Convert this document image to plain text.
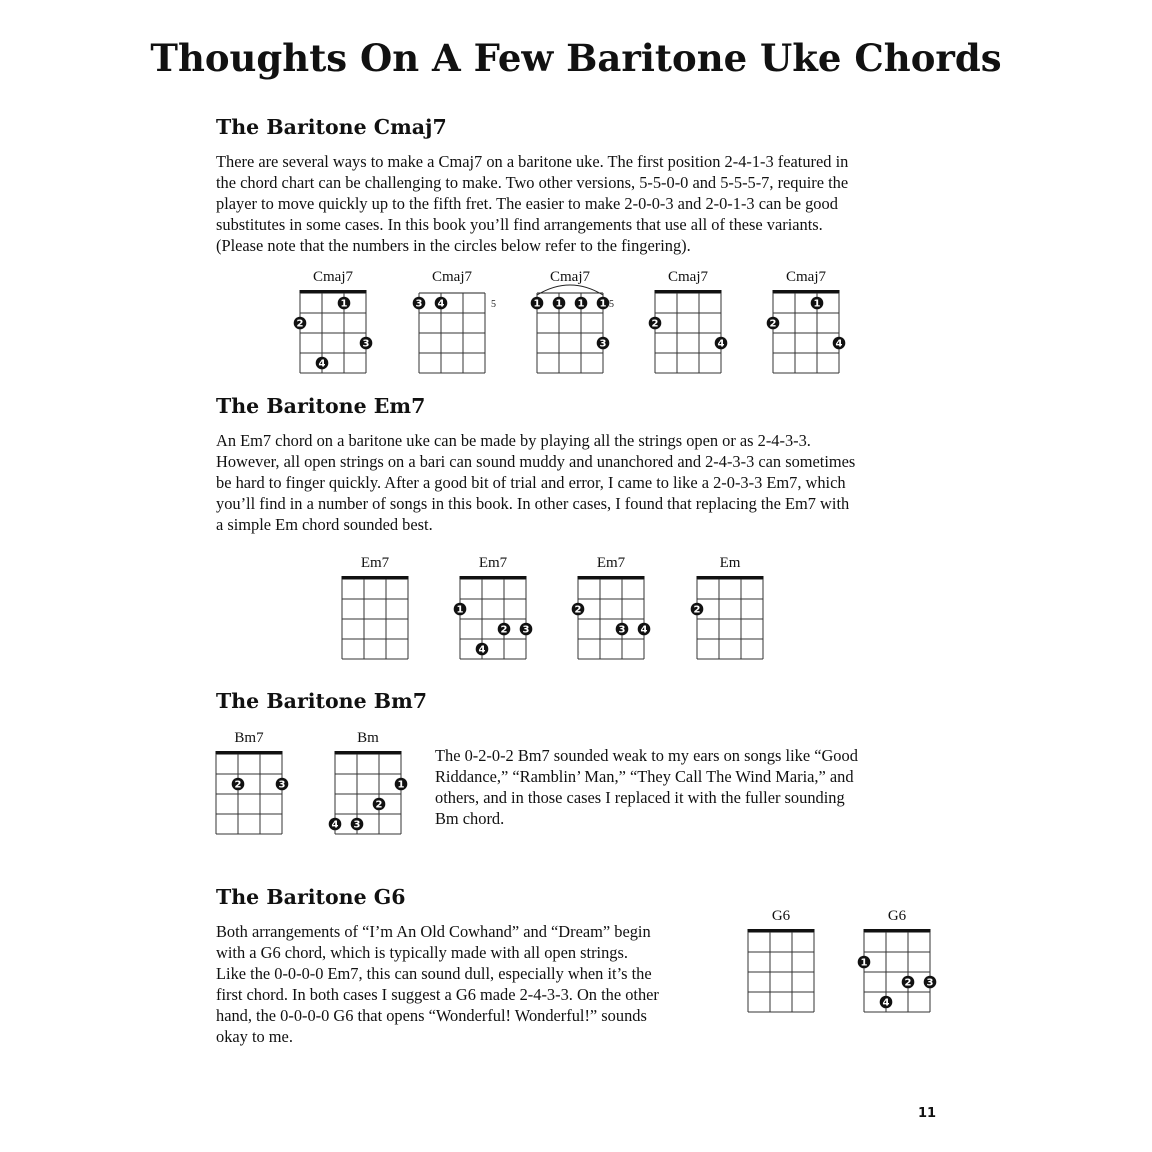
Thoughts On A Few Baritone Uke Chords
The Baritone Cmaj7
There are several ways to make a Cmaj7 on a baritone uke. The first position 2-4-1-3 featured in
the chord chart can be challenging to make. Two other versions, 5-5-0-0 and 5-5-5-7, require the
player to move quickly up to the fifth fret. The easier to make 2-0-0-3 and 2-0-1-3 can be good
substitutes in some cases. In this book you’ll find arrangements that use all of these variants.
(Please note that the numbers in the circles below refer to the fingering).
Cmaj7
2
4
1
3
Cmaj7
5
3 4
Cmaj7
5
1 1 1 1
3
Cmaj7
2
4
Cmaj7
2
1
4
The Baritone Em7
An Em7 chord on a baritone uke can be made by playing all the strings open or as 2-4-3-3.
However, all open strings on a bari can sound muddy and unanchored and 2-4-3-3 can sometimes
be hard to finger quickly. After a good bit of trial and error, I came to like a 2-0-3-3 Em7, which
you’ll find in a number of songs in this book. In other cases, I found that replacing the Em7 with
a simple Em chord sounded best.
Em7	Em7
1
4
2 3
Em7
2
3 4
Em
2
The Baritone Bm7
Bm7
2	3
Bm
4 3
2
1
The 0-2-0-2 Bm7 sounded weak to my ears on songs like “Good
Riddance,” “Ramblin’ Man,” “They Call The Wind Maria,” and
others, and in those cases I replaced it with the fuller sounding
Bm chord.
The Baritone G6
Both arrangements of “I’m An Old Cowhand” and “Dream” begin
with a G6 chord, which is typically made with all open strings.
Like the 0-0-0-0 Em7, this can sound dull, especially when it’s the
first chord. In both cases I suggest a G6 made 2-4-3-3. On the other
hand, the 0-0-0-0 G6 that opens “Wonderful! Wonderful!” sounds
okay to me.
G6	G6
1
4
2 3
11
